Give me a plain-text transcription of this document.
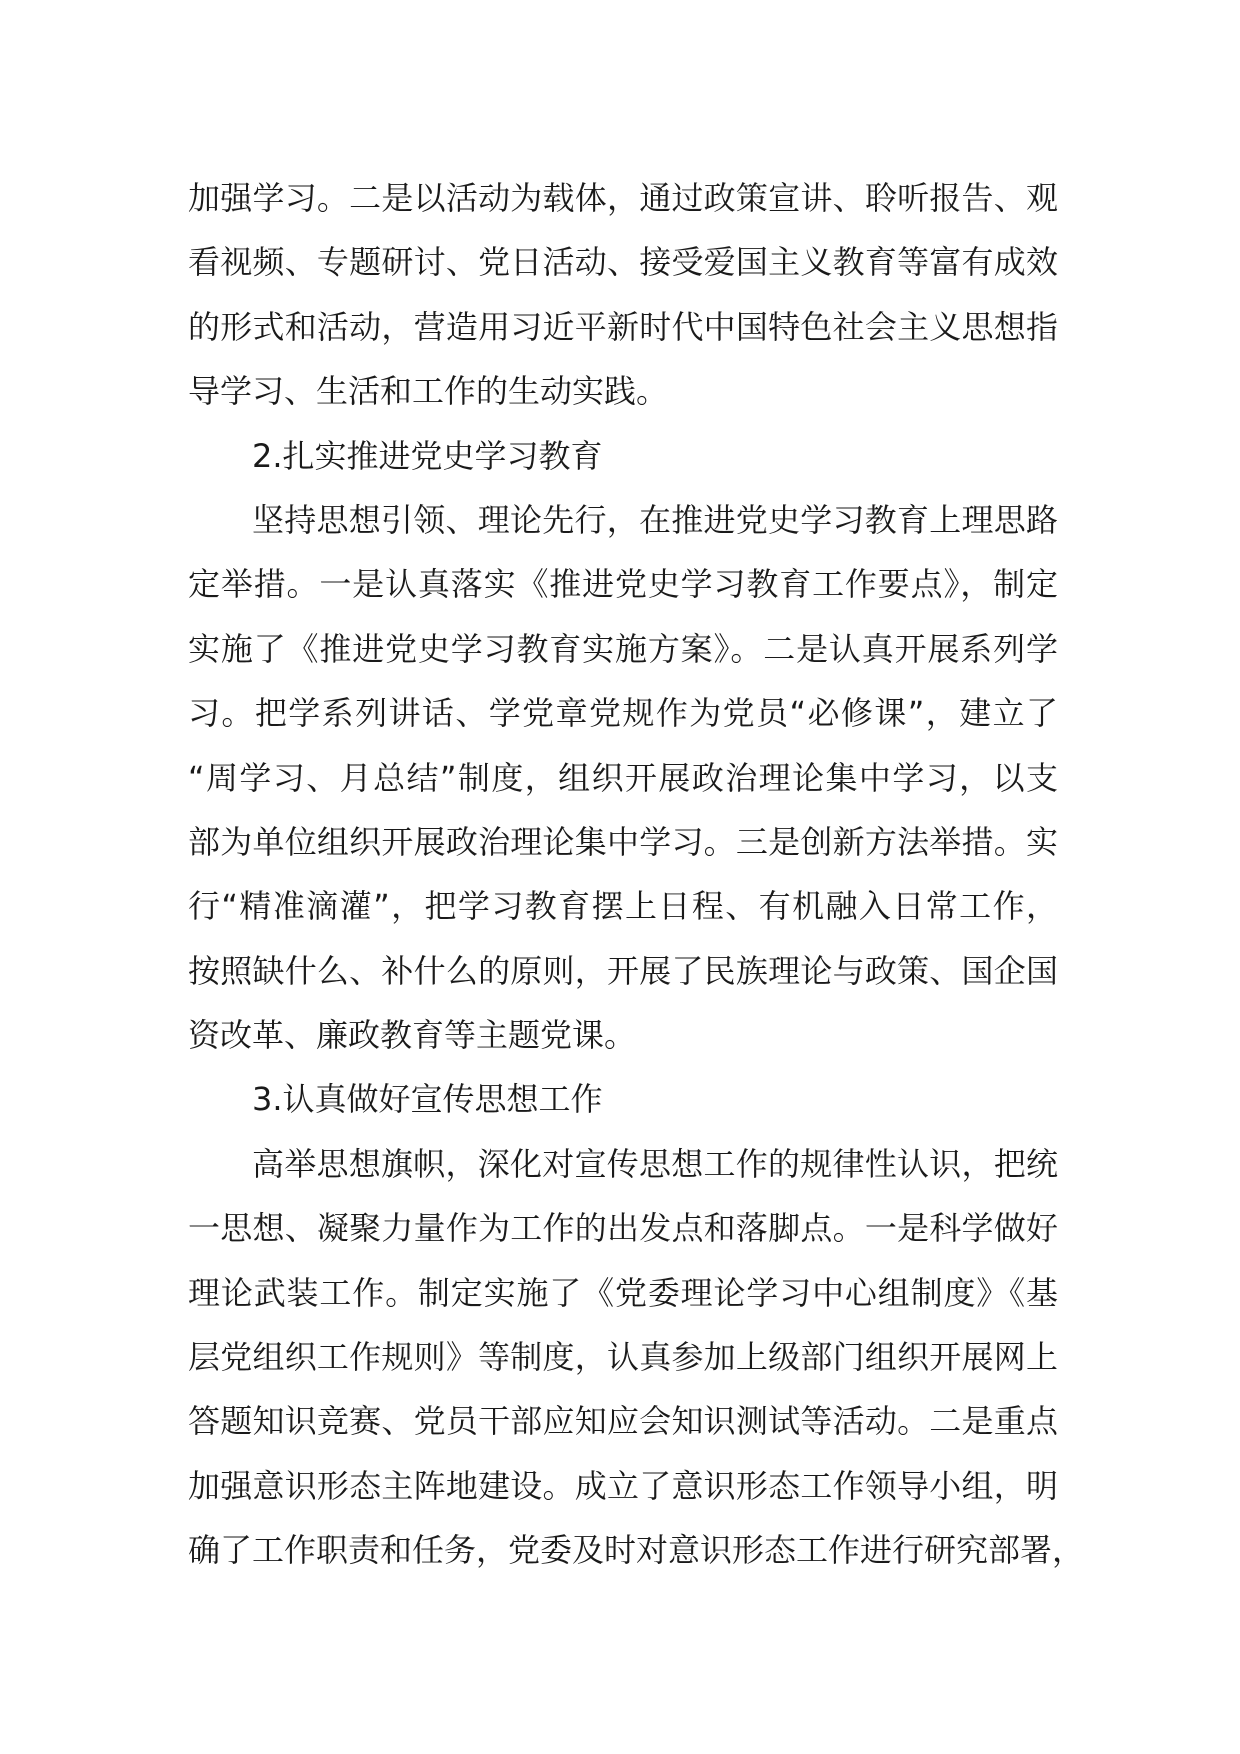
加强学习。二是以活动为载体，通过政策宣讲、聆听报告、观
看视频、专题研讨、党日活动、接受爱国主义教育等富有成效
的形式和活动，营造用习近平新时代中国特色社会主义思想指
导学习、生活和工作的生动实践。
2.扎实推进党史学习教育
坚持思想引领、理论先行，在推进党史学习教育上理思路
定举措。一是认真落实《推进党史学习教育工作要点》，制定
实施了《推进党史学习教育实施方案》。二是认真开展系列学
习。把学系列讲话、学党章党规作为党员“必修课”，建立了
“周学习、月总结”制度，组织开展政治理论集中学习，以支
部为单位组织开展政治理论集中学习。三是创新方法举措。实
行“精准滴灌”，把学习教育摆上日程、有机融入日常工作，
按照缺什么、补什么的原则，开展了民族理论与政策、国企国
资改革、廉政教育等主题党课。
3.认真做好宣传思想工作
高举思想旗帜，深化对宣传思想工作的规律性认识，把统
一思想、凝聚力量作为工作的出发点和落脚点。一是科学做好
理论武装工作。制定实施了《党委理论学习中心组制度》《基
层党组织工作规则》等制度，认真参加上级部门组织开展网上
答题知识竞赛、党员干部应知应会知识测试等活动。二是重点
加强意识形态主阵地建设。成立了意识形态工作领导小组，明
确了工作职责和任务，党委及时对意识形态工作进行研究部署，
